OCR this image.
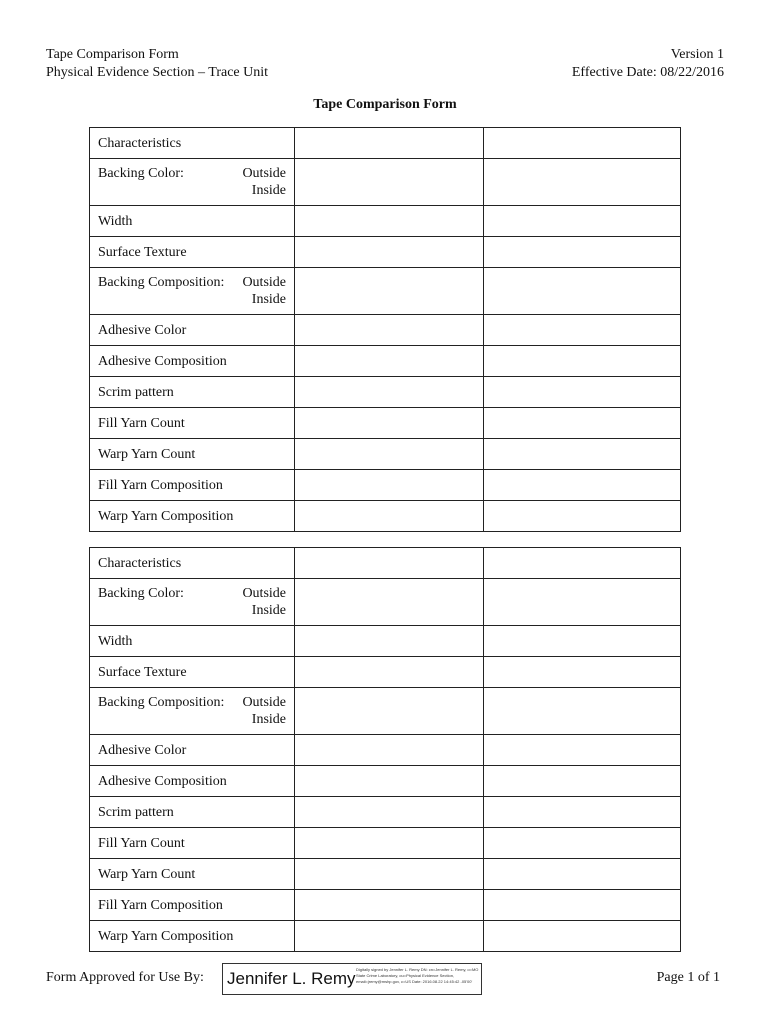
Tape Comparison Form
Physical Evidence Section – Trace Unit
Version 1
Effective Date: 08/22/2016
Tape Comparison Form
Characteristics		

Backing Color: Outside
Inside		

Width		
Surface Texture		

Backing Composition: Outside
Inside		

Adhesive Color		
Adhesive Composition		
Scrim pattern		
Fill Yarn Count		
Warp Yarn Count		
Fill Yarn Composition		
Warp Yarn Composition		
Characteristics		

Backing Color: Outside
Inside		

Width		
Surface Texture		

Backing Composition: Outside
Inside		

Adhesive Color		
Adhesive Composition		
Scrim pattern		
Fill Yarn Count		
Warp Yarn Count		
Fill Yarn Composition		
Warp Yarn Composition		
Form Approved for Use By: Jennifer L. Remy Digitally signed by Jennifer L. Remy DN: cn=Jennifer L. Remy, o=MO State Crime Laboratory, ou=Physical Evidence Section, email=jremy@mshp.gov, c=US Date: 2016.08.22 14:45:42 -05'00'	Page 1 of 1
